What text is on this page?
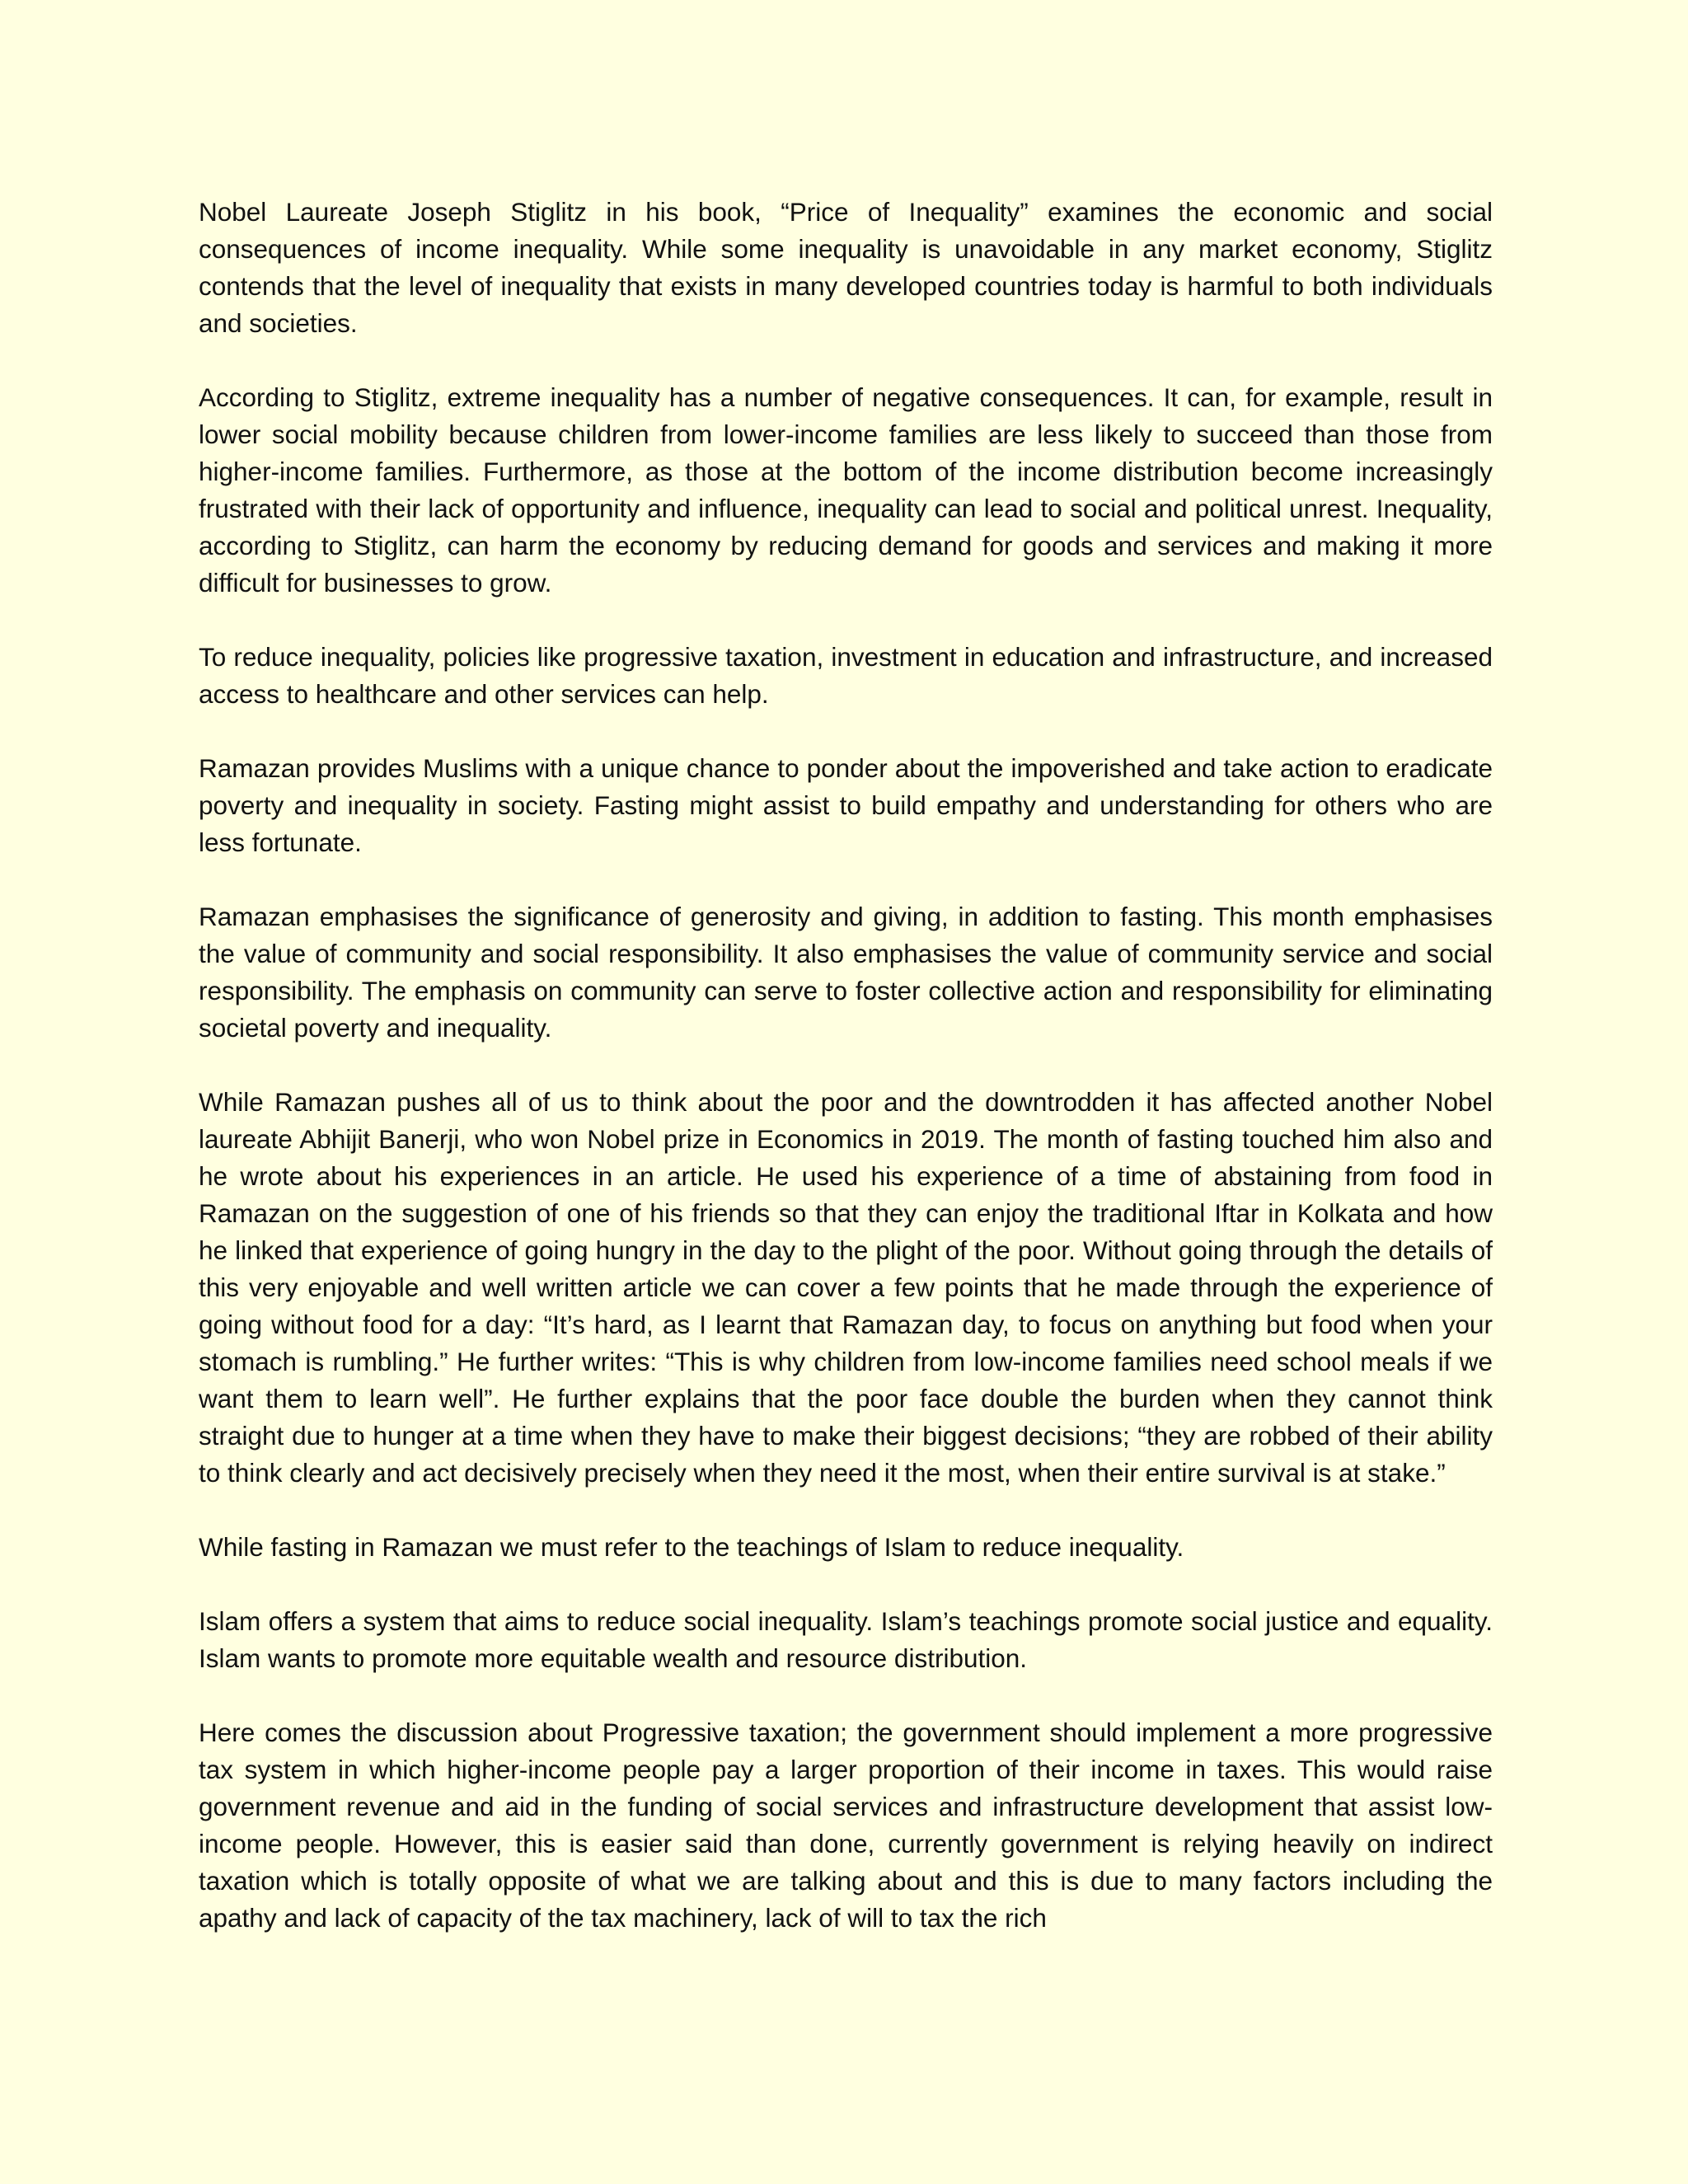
Nobel Laureate Joseph Stiglitz in his book, “Price of Inequality” examines the economic and social consequences of income inequality. While some inequality is unavoidable in any market economy, Stiglitz contends that the level of inequality that exists in many developed countries today is harmful to both individuals and societies.

According to Stiglitz, extreme inequality has a number of negative consequences. It can, for example, result in lower social mobility because children from lower-income families are less likely to succeed than those from higher-income families. Furthermore, as those at the bottom of the income distribution become increasingly frustrated with their lack of opportunity and influence, inequality can lead to social and political unrest. Inequality, according to Stiglitz, can harm the economy by reducing demand for goods and services and making it more difficult for businesses to grow.

To reduce inequality, policies like progressive taxation, investment in education and infrastructure, and increased access to healthcare and other services can help.

Ramazan provides Muslims with a unique chance to ponder about the impoverished and take action to eradicate poverty and inequality in society. Fasting might assist to build empathy and understanding for others who are less fortunate.

Ramazan emphasises the significance of generosity and giving, in addition to fasting. This month emphasises the value of community and social responsibility. It also emphasises the value of community service and social responsibility. The emphasis on community can serve to foster collective action and responsibility for eliminating societal poverty and inequality.

While Ramazan pushes all of us to think about the poor and the downtrodden it has affected another Nobel laureate Abhijit Banerji, who won Nobel prize in Economics in 2019. The month of fasting touched him also and he wrote about his experiences in an article. He used his experience of a time of abstaining from food in Ramazan on the suggestion of one of his friends so that they can enjoy the traditional Iftar in Kolkata and how he linked that experience of going hungry in the day to the plight of the poor. Without going through the details of this very enjoyable and well written article we can cover a few points that he made through the experience of going without food for a day: “It’s hard, as I learnt that Ramazan day, to focus on anything but food when your stomach is rumbling.” He further writes: “This is why children from low-income families need school meals if we want them to learn well”. He further explains that the poor face double the burden when they cannot think straight due to hunger at a time when they have to make their biggest decisions; “they are robbed of their ability to think clearly and act decisively precisely when they need it the most, when their entire survival is at stake.”

While fasting in Ramazan we must refer to the teachings of Islam to reduce inequality.

Islam offers a system that aims to reduce social inequality. Islam’s teachings promote social justice and equality. Islam wants to promote more equitable wealth and resource distribution.

Here comes the discussion about Progressive taxation; the government should implement a more progressive tax system in which higher-income people pay a larger proportion of their income in taxes. This would raise government revenue and aid in the funding of social services and infrastructure development that assist low-income people. However, this is easier said than done, currently government is relying heavily on indirect taxation which is totally opposite of what we are talking about and this is due to many factors including the apathy and lack of capacity of the tax machinery, lack of will to tax the rich
